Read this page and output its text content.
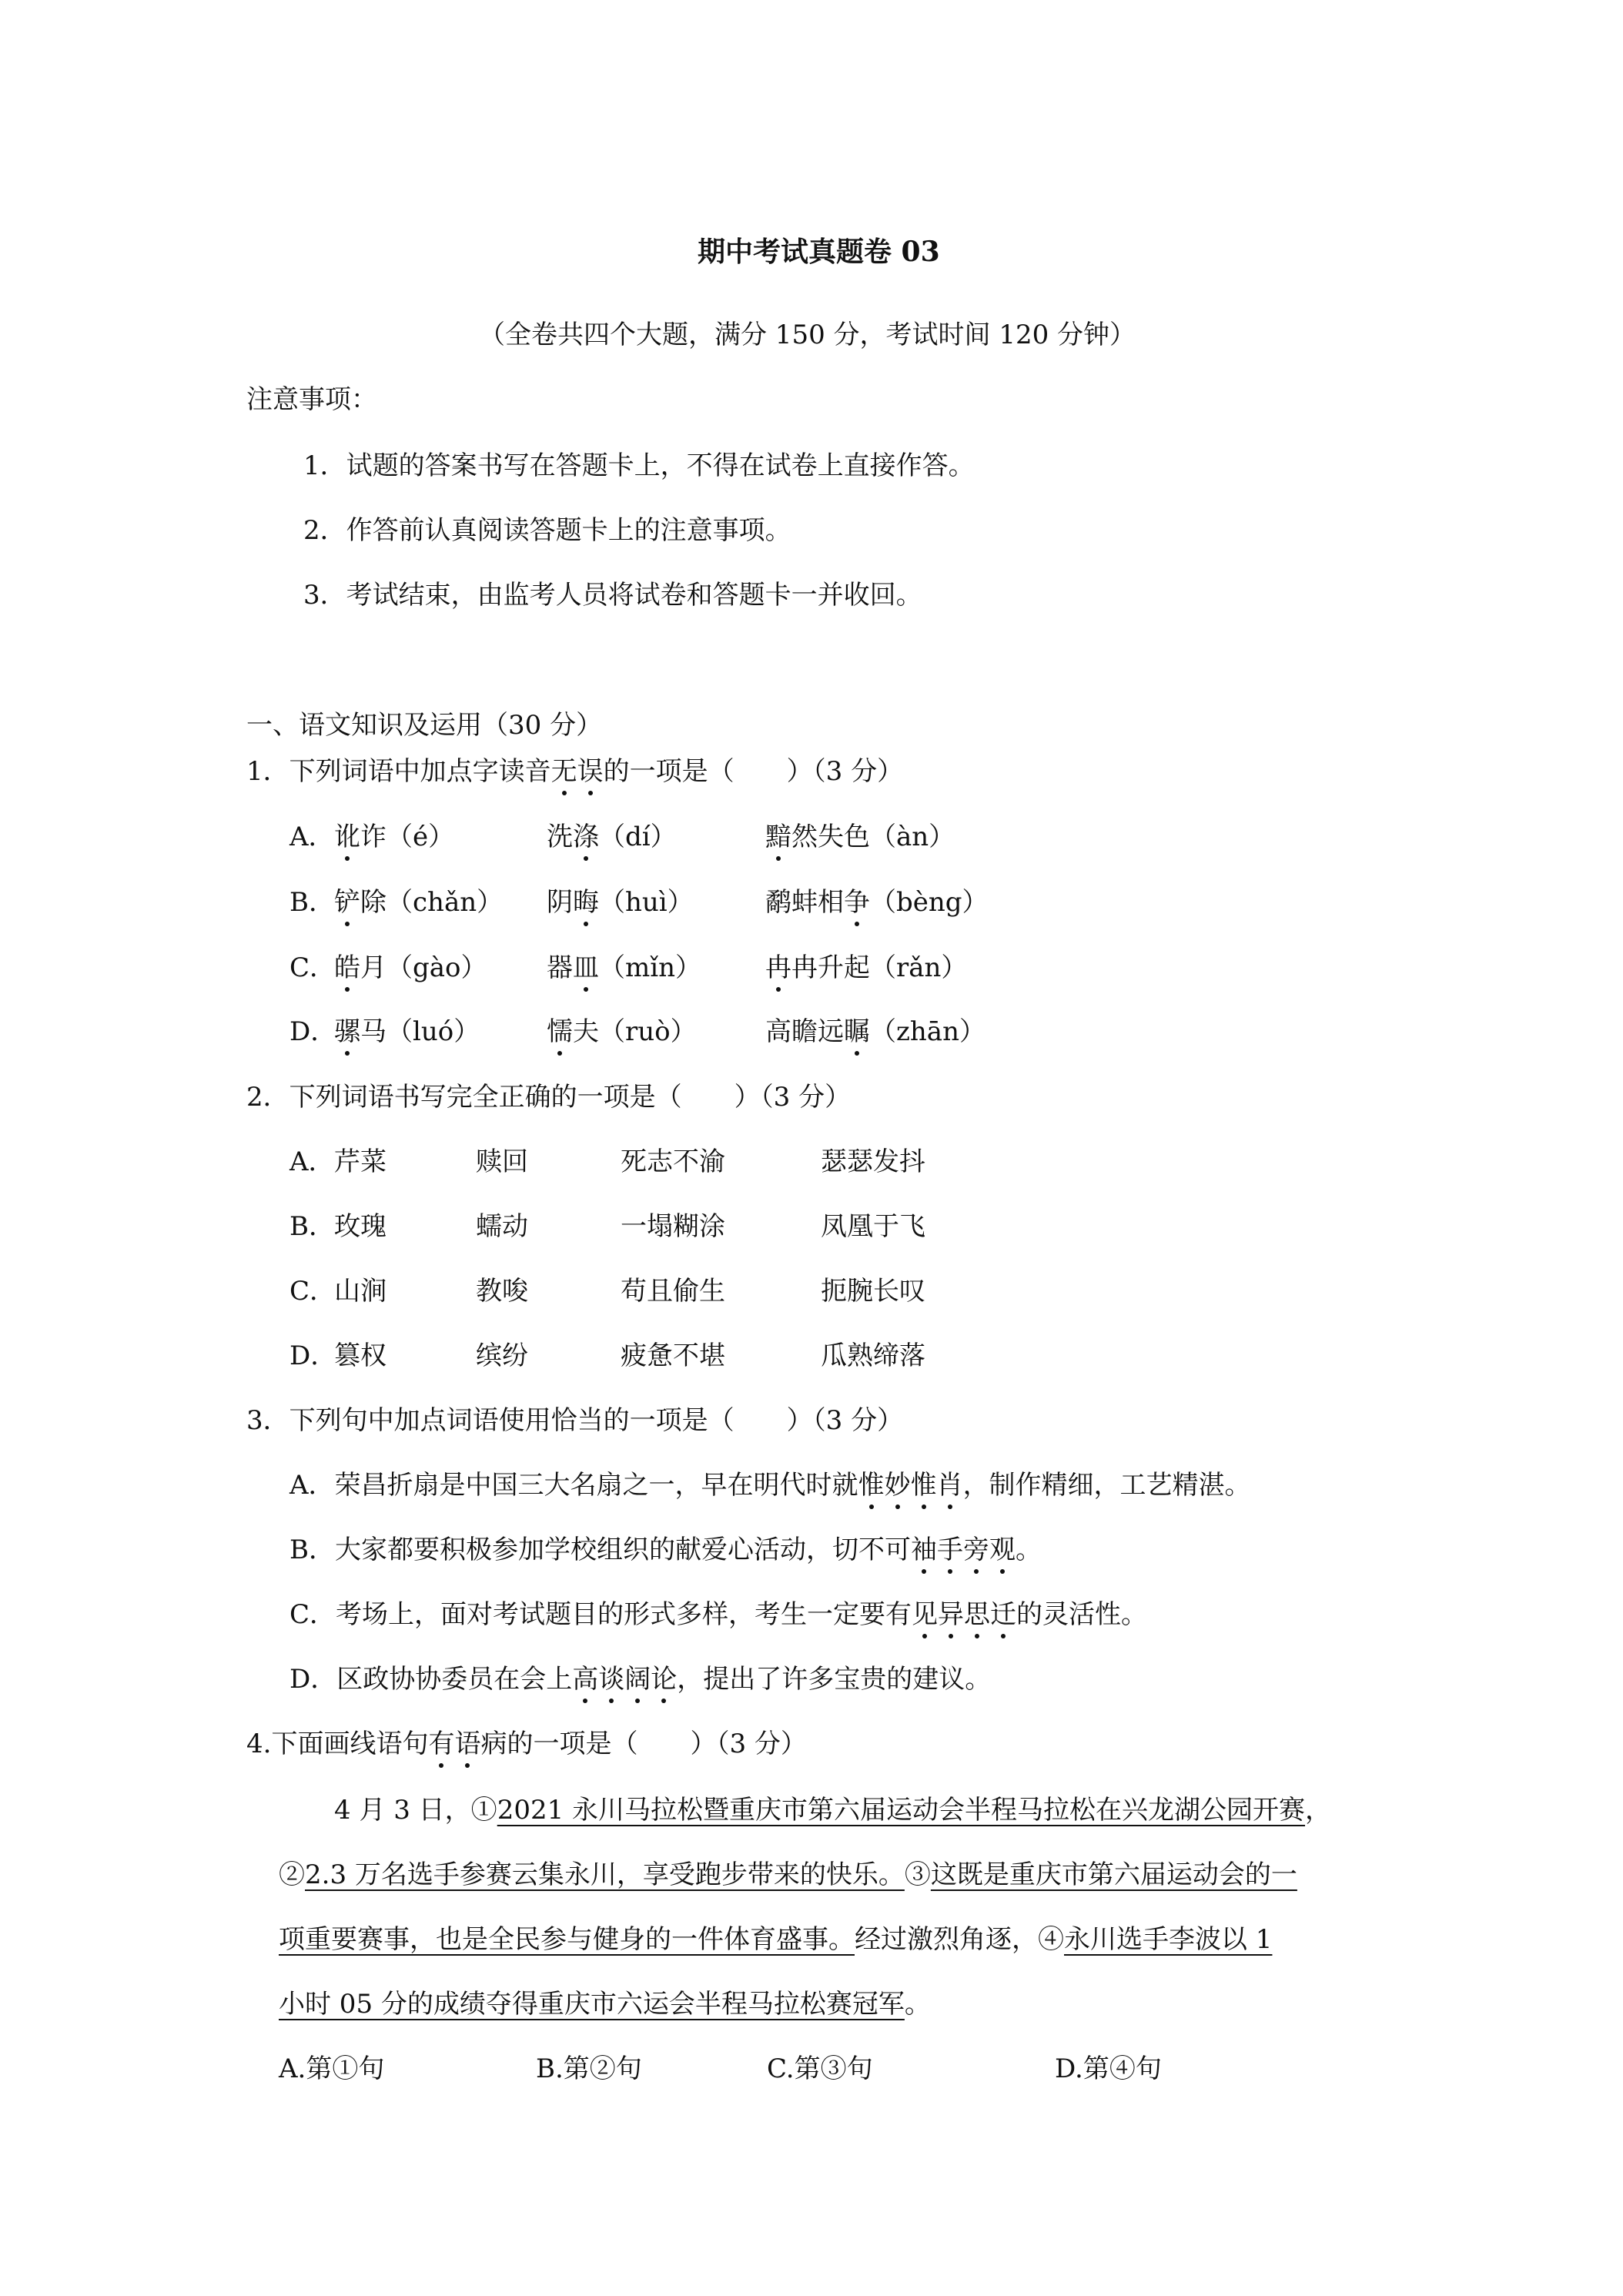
期中考试真题卷 03
（全卷共四个大题，满分 150 分，考试时间 120 分钟）
注意事项：
1．试题的答案书写在答题卡上，不得在试卷上直接作答。
2．作答前认真阅读答题卡上的注意事项。
3．考试结束，由监考人员将试卷和答题卡一并收回。
一、语文知识及运用（30 分）
1．下列词语中加点字读音无误的一项是（　　）（3 分）
A． 讹诈（é）	洗涤（dí）	黯然失色（àn）
B． 铲除（chǎn） 阴晦（huì）	鹬蚌相争（bèng）
C．
皓月（gào） 器皿（mǐn） 冉冉升起（rǎn）
D．
骡马（luó）	懦夫（ruò）	高瞻远瞩（zhān）
2．下列词语书写完全正确的一项是（　　）（3 分）
A． 芹菜	赎回	死志不渝	瑟瑟发抖
B． 玫瑰	蠕动	一塌糊涂	凤凰于飞
C．
山涧	教唆	苟且偷生	扼腕长叹
D．
篡权	缤纷	疲惫不堪	瓜熟缔落
3．下列句中加点词语使用恰当的一项是（　　）（3 分）
A．荣昌折扇是中国三大名扇之一，早在明代时就惟妙惟肖，制作精细，工艺精湛。
B．大家都要积极参加学校组织的献爱心活动，切不可袖手旁观。
C．考场上，面对考试题目的形式多样，考生一定要有见异思迁的灵活性。
D．区政协协委员在会上高谈阔论，提出了许多宝贵的建议。
4.下面画线语句有语病的一项是（　　）（3 分）
4 月 3 日，①2021 永川马拉松暨重庆市第六届运动会半程马拉松在兴龙湖公园开赛，
②2.3 万名选手参赛云集永川，享受跑步带来的快乐。③这既是重庆市第六届运动会的一
项重要赛事，也是全民参与健身的一件体育盛事。经过激烈角逐，④永川选手李波以 1
小时 05 分的成绩夺得重庆市六运会半程马拉松赛冠军。
A.第①句	B.第②句	C.第③句	D.第④句
